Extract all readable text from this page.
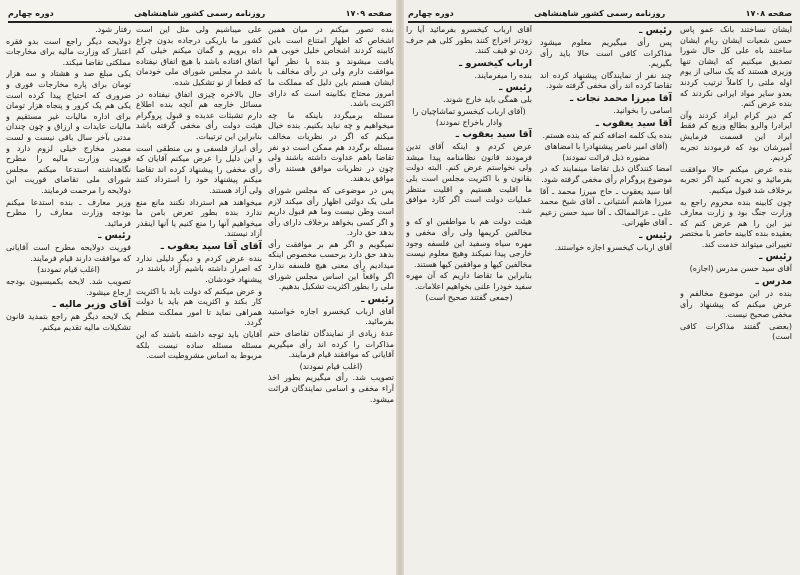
صفحه ۱۷۰۹
روزنامه رسمی کشور شاهنشاهی
دوره چهارم

بنده تصور میکنم در میان همین اشخاص که اظهار امتناع است باین کابینه کردند اشخاص خلیل خوبی هم یافت میشوند و بنده با نظر آنها موافقت دارم ولی در رأی مخالف با ایشان هستم باین دلیل که مملکت ما امروز محتاج بکابینه است که دارای اکثریت باشد.

مسئله برمیگردد باینکه ما چه میخواهیم و چه نباید بکنیم. بنده خیال میکنم که اگر در نظریات مخالف مسئله برگردد هم ممکن است دو نفر تقاضا باهم عداوت داشته باشند ولی چون در نظریات موافق هستند رأی موافق بدهند.

پس در موضوعی که مجلس شورای ملی یک دولتی اظهار رأی میکند لازم است وطن نیست وما هم قبول داریم و اگر کسی بخواهد برخلاف دارای رأی بدهد حق دارد.

نمیگویم و اگر هم بر موافقت رأی بدهد حق دارد برحسب مخصوص اینکه میدادیم رأی معنی هیچ فلسفه ندارد اگر واقعاً این اساس مجلس شورای ملی را بطور اکثریت تشکیل بدهیم.

رئیس ـ

آقای ارباب کیخسرو اجازه خواستید بفرمائید.

عدۀ زیادی از نمایندگان تقاضای ختم مذاکرات را کرده اند رأی میگیریم آقایانی که موافقند قیام فرمایند.

(اغلب قیام نمودند)

تصویب شد. رأی میگیریم بطور اخذ آراء مخفی و اسامی نمایندگان قرائت میشود.

علی میباشیم ولی مثل این است کشور ما باریکی درجاده بدون چراغ داه برویم و گمان میکنم خیلی کم اتفاق افتاده باشد با هیچ اتفاق نیفتاده باشد در مجلس شورای ملی خودمان که قطعاً از نو تشکیل شده.

حال بالاخره چیزی اتفاق نیفتاده در مسائل خارجه هم آنچه بنده اطلاع دارم تشبثات عدیده و قبول پروگرام هیئت دولت رأی مخفی گرفته باشد بنابراین این ترتیبات.

رأی ابراز فلسفی و بی منطقی است و این دلیل را عرض میکنم آقایان که رأی مخفی را پیشنهاد کرده اند تقاضا میکنم پیشنهاد خود را استرداد کنند ولی آزاد هستند.

میخواهند هم استرداد نکنند مانع منع ندارد بنده بطور تعرض بامن ما میخواهیم آنها را منع کنیم یا آنها اینقدر آزاد نیستند.

آقای آقا سید یعقوب ـ

بنده عرض کردم و دیگر دلیلی ندارد که اصرار داشته باشیم آزاد باشند در پیشنهاد خودشان.

و عرض میکنم که دولت باید با اکثریت کار بکند و اکثریت هم باید با دولت همراهی نماید تا امور مملکت منظم گردد.

آقایان باید توجه داشته باشند که این مسئله مسئله ساده نیست بلکه مربوط به اساس مشروطیت است.

رفتار شود.

دولایحه دیگر راجع است بدو فقره اعتبار که وزارت مالیه برای مخارجات مملکتی تقاضا میکند.

یکی مبلغ صد و هشتاد و سه هزار تومان برای پاره مخارجات فوری و ضروری که احتیاج پیدا کرده است یکی هم یک کرور و پنجاه هزار تومان برای اداره مالیات غیر مستقیم و مالیات عایدات و ارزاق و چون چندان مدتی بآخر سال باقی نیست و لست مصدر مخارج خیلی لزوم دارد و فوریت وزارت مالیه را مطرح نگاهداشته استدعا میکنم مجلس شورای ملی تقاضای فوریت این دولایحه را مرحمت فرمایند.

وزیر معارف ـ بنده استدعا میکنم بودجه وزارت معارف را مطرح فرمائید.

رئیس ـ

فوریت دولایحه مطرح است آقایانی که موافقت دارند قیام فرمایند.

(اغلب قیام نمودند)

تصویب شد. لایحه بکمیسیون بودجه ارجاع میشود.

آقای وزیر مالیه ـ

یک لایحه دیگر هم راجع بتمدید قانون تشکیلات مالیه تقدیم میکنم.

صفحه ۱۷۰۸
روزنامه رسمی کشور شاهنشاهی
دوره چهارم

ایشان نساختند بانک عمو پاس حسن شعبات ایشان ریام ایشان ساختند باه علی کل حال شورا تصدیق میکنیم که ایشان تنها وزیری هستند که یک سالی از یوم اوله ملتی را کاملاً ترتیب کردند بعدو سایر مواد ایرانی نکردند که بنده عرض کنم.

کم دیر کرام ایراد کردند وآن ایرادرا والرو بطالع وزیع کم فقط ایراد این قسمت فرمایش آمیرشان بود که فرمودند تجربه کردیم.

بنده عرض میکنم حالا موافقت بفرمائید و تجربه کنید اگر تجربه برخلاف شد قبول میکنیم.

چون کابینه بنده محروم راجع به وزارت جنگ بود و زارت معارف نیز این را هم عرض کنم که بعقیده بنده کابینه حاضر با مختصر تغییراتی میتواند خدمت کند.

رئیس ـ

آقای سید حسن مدرس (اجازه)

مدرس ـ

بنده در این موضوع مخالفم و عرض میکنم که پیشنهاد رأی مخفی صحیح نیست.

(بعضی گفتند مذاکرات کافی است)

رئیس ـ

پس رأی میگیریم معلوم میشود مذاکرات کافی است حالا باید رأی بگیریم.

چند نفر از نمایندگان پیشنهاد کرده اند تقاضا کرده اند رأی مخفی گرفته شود.

آقا میرزا محمد نجات ـ

اسامی را بخوانید.

آقا سید یعقوب ـ

بنده یک کلمه اضافه کنم که بنده هستم.

(آقای امیر ناصر پیشنهادرا با امضاهای مضوره ذیل قرائت نمودند)

امضا کنندگان ذیل تقاضا مینمایند که در موضوع پروگرام رأی مخفی گرفته شود.

آقا سید یعقوب ـ حاج میرزا محمد ـ آقا میرزا هاشم آشتیانی ـ آقای شیخ محمد علی ـ عزالممالک ـ آقا سید حسن زعیم ـ آقای طهرانی.

رئیس ـ

آقای ارباب کیخسرو اجازه خواستند.

آقای ارباب کیخسرو بفرمائید آیا را زودتر اخراج کنند بطور کلی هم حرف زدن تو قیف کنند.

ارباب کیخسرو ـ

بنده را میفرمایند.

رئیس ـ

بلی همگی باید خارج شوند.

(آقای ارباب کیخسرو تماشاچیان را وادار باخراج نمودند)

آقا سید یعقوب ـ

عرض کردم و اینکه آقای تدین فرمودند قانون نظامنامه پیدا میشد ولی نخواستم عرض کنم. البته دولت بقانون و با اکثریت مجلس است بلی ما اقلیت هستیم و اقلیت منتظر عملیات دولت است اگر کارد موافق شد.

هیئت دولت هم با مواطفین او که و مخالفین کریمها ولی رأی مخفی و مهره سیاه وسفید این فلسفه وجود خارجی پیدا نمیکند وهیچ معلوم نیست مخالفین کیها و موافقین کیها هستند.

بنابراین ما تقاضا داریم که آن مهره سفید خودرا علنی بخواهیم اعلامات.

(جمعی گفتند صحیح است)
